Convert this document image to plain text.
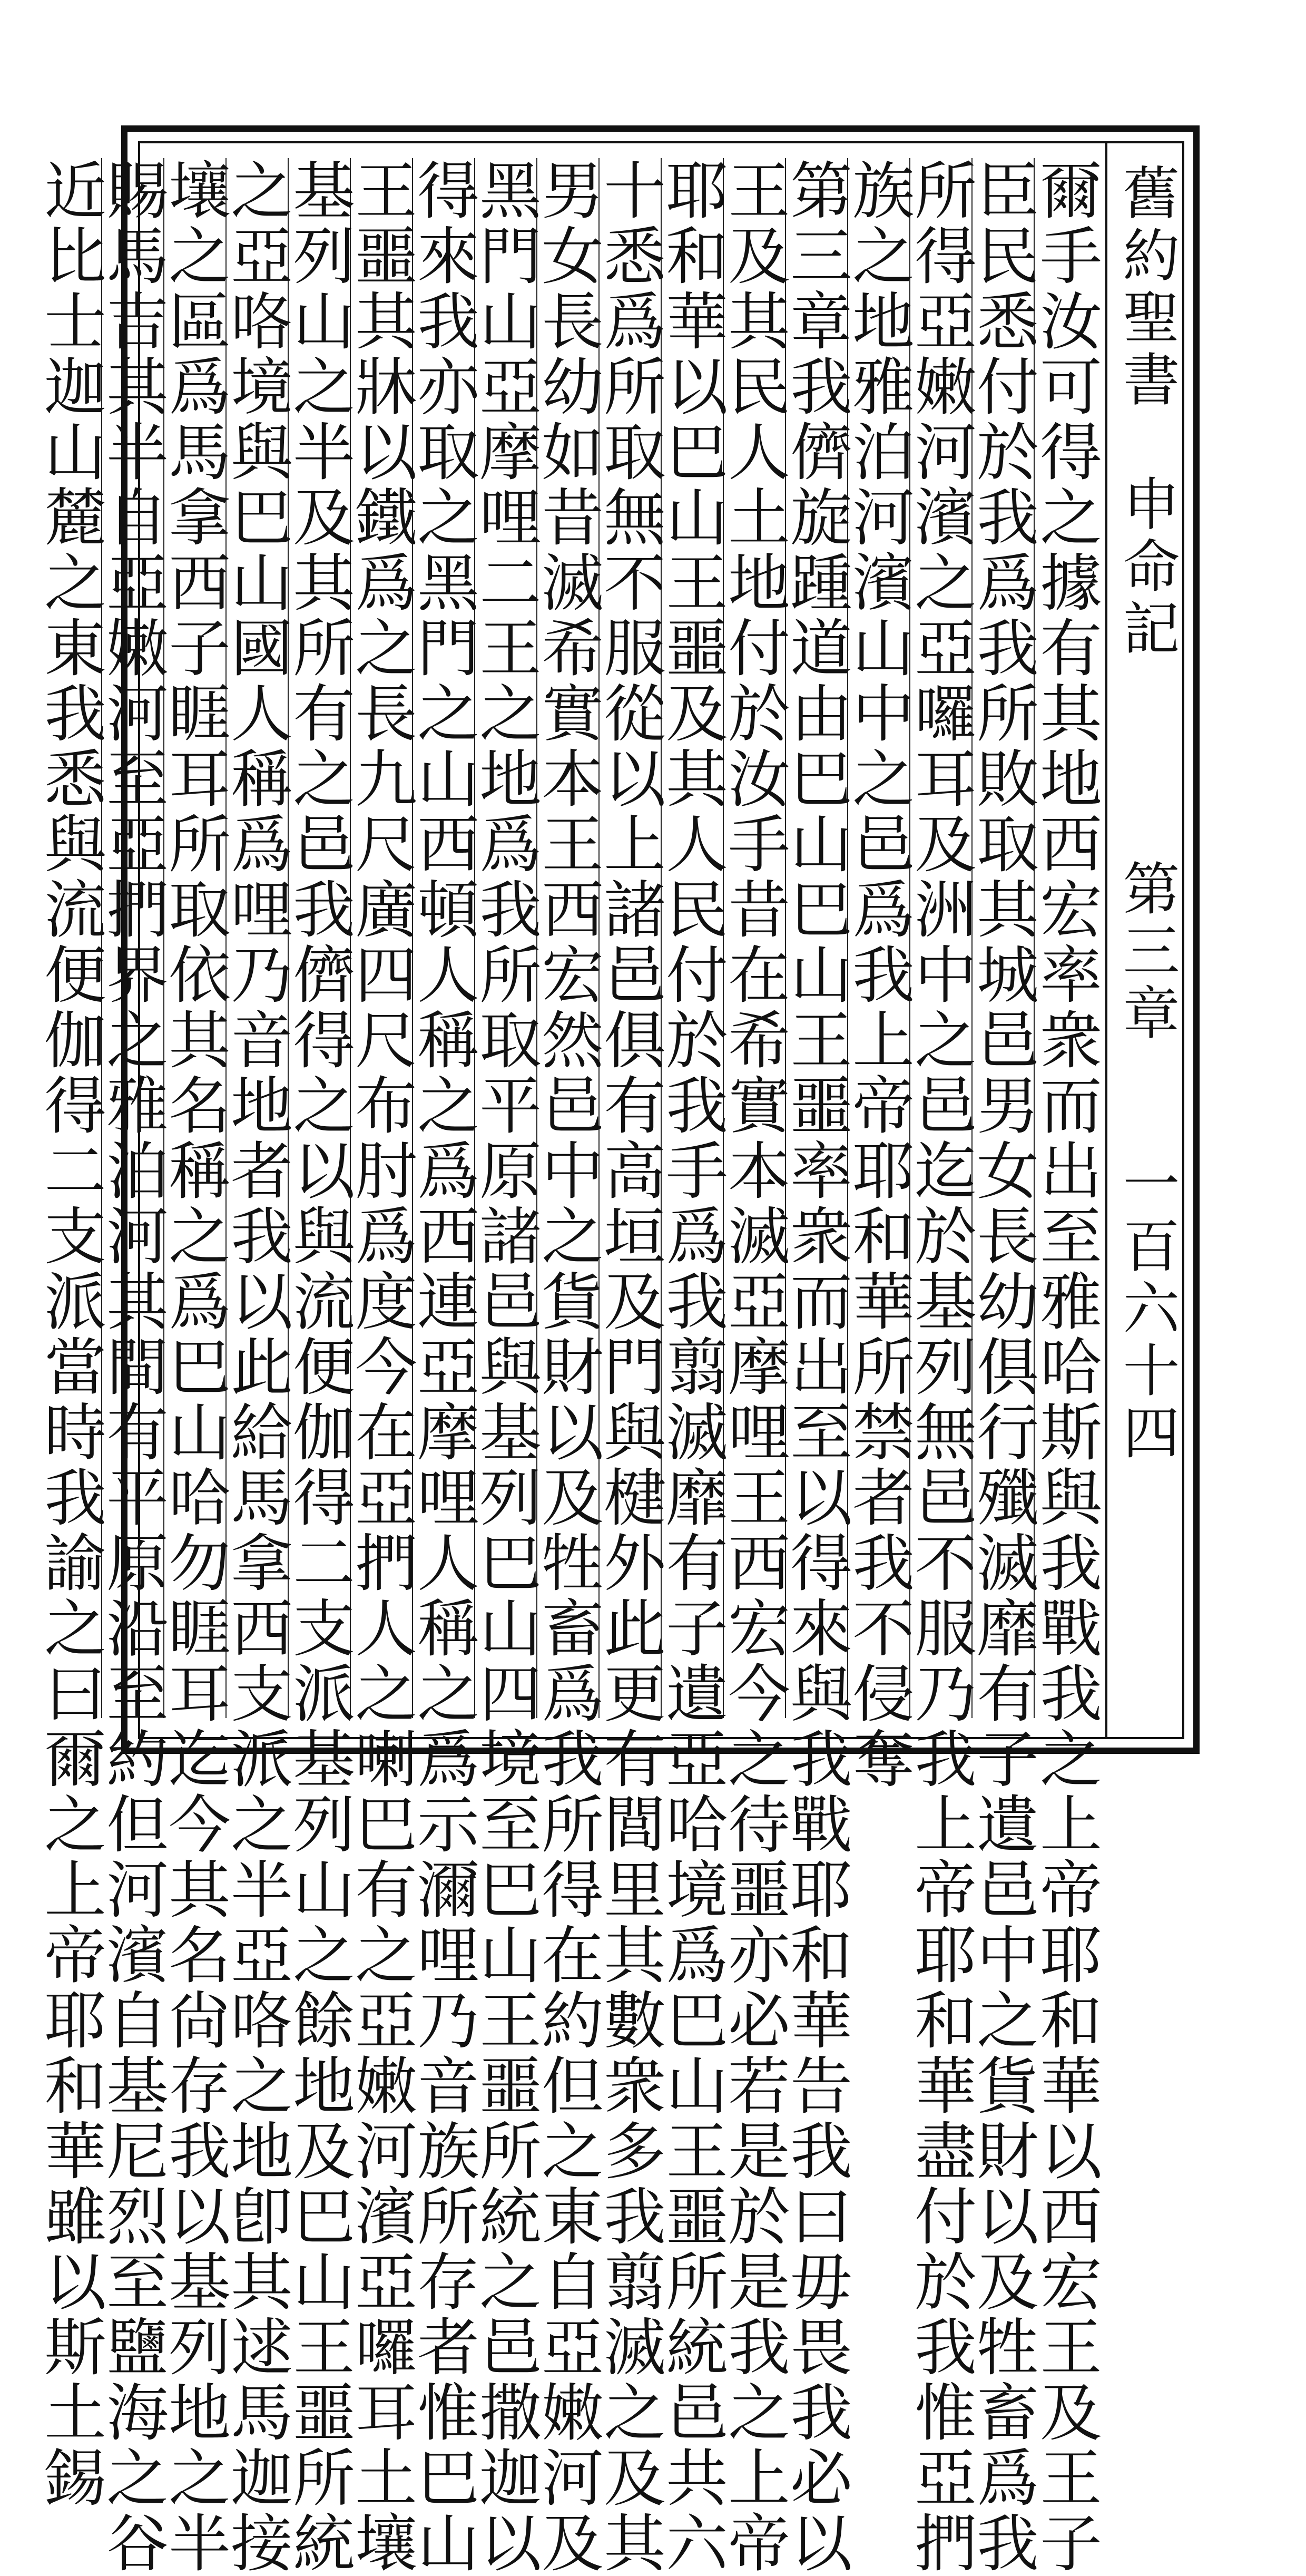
舊約聖書
申命記
第三章
一百六十四
爾手汝可得之據有其地西宏率衆而出至雅哈斯與我戰我之上帝耶和華以西宏王及王子
臣民悉付於我爲我所敗取其城邑男女長幼俱行殲滅靡有子遺邑中之貨財以及牲畜爲我
所得亞嫩河濱之亞囉耳及洲中之邑迄於基列無邑不服乃我上帝耶和華盡付於我惟亞捫
族之地雅泊河濱山中之邑爲我上帝耶和華所禁者我不侵奪
第三章我儕旋踵道由巴山巴山王噩率衆而出至以得來與我戰耶和華告我曰毋畏我必以
王及其民人土地付於汝手昔在希實本滅亞摩哩王西宏今之待噩亦必若是於是我之上帝
耶和華以巴山王噩及其人民付於我手爲我翦滅靡有子遺亞哈境爲巴山王噩所統邑共六
十悉爲所取無不服從以上諸邑俱有高垣及門與楗外此更有閭里其數衆多我翦滅之及其
男女長幼如昔滅希實本王西宏然邑中之貨財以及牲畜爲我所得在約但之東自亞嫩河及
黑門山亞摩哩二王之地爲我所取平原諸邑與基列巴山四境至巴山王噩所統之邑撒迦以
得來我亦取之黑門之山西頓人稱之爲西連亞摩哩人稱之爲示濔哩乃音族所存者惟巴山
王噩其牀以鐵爲之長九尺廣四尺布肘爲度今在亞捫人之喇巴有之亞嫩河濱亞囉耳土壤
基列山之半及其所有之邑我儕得之以與流便伽得二支派基列山之餘地及巴山王噩所統
之亞咯境與巴山國人稱爲哩乃音地者我以此給馬拿西支派之半亞咯之地卽其逑馬迦接
壤之區爲馬拿西子睚耳所取依其名稱之爲巴山哈勿睚耳迄今其名尙存我以基列地之半
賜馬吉其半自亞嫩河至亞捫界之雅泊河其間有平原沿至約但河濱自基尼烈至鹽海之谷
近比士迦山麓之東我悉與流便伽得二支派當時我諭之曰爾之上帝耶和華雖以斯土錫
